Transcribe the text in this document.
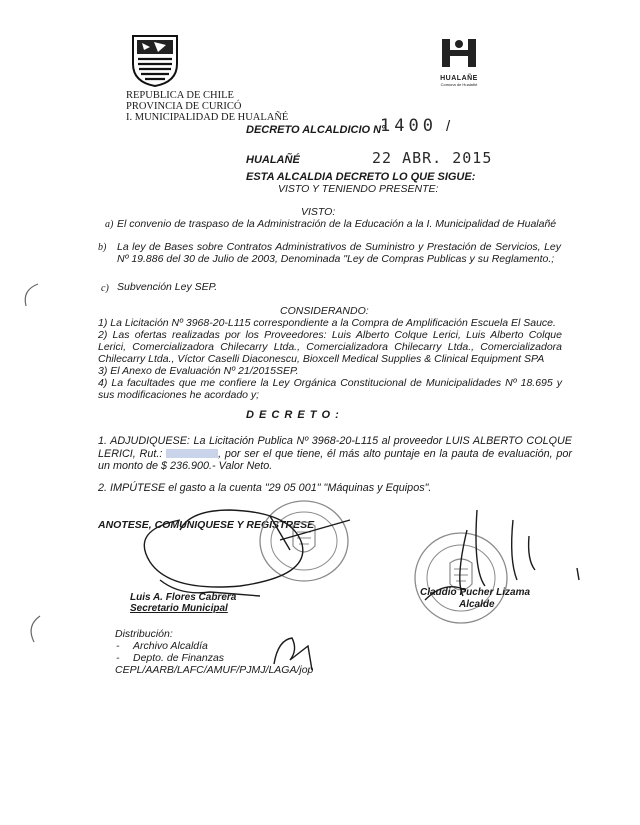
REPUBLICA DE CHILE
PROVINCIA DE CURICÓ
I. MUNICIPALIDAD DE HUALAÑÉ
HUALAÑE
Comuna de Hualañé
DECRETO ALCALDICIO N°
1400 /
HUALAÑÉ	22 ABR. 2015
ESTA ALCALDIA DECRETO LO QUE SIGUE:
VISTO Y TENIENDO PRESENTE:
VISTO:
a) El convenio de traspaso de la Administración de la Educación a la I. Municipalidad de Hualañé
b) La ley de Bases sobre Contratos Administrativos de Suministro y Prestación de Servicios, Ley Nº 19.886 del 30 de Julio de 2003, Denominada "Ley de Compras Publicas y su Reglamento.;
c) Subvención Ley SEP.
CONSIDERANDO:
1) La Licitación Nº 3968-20-L115 correspondiente a la Compra de Amplificación Escuela El Sauce.
2) Las ofertas realizadas por los Proveedores: Luis Alberto Colque Lerici, Luis Alberto Colque Lerici, Comercializadora Chilecarry Ltda., Comercializadora Chilecarry Ltda., Comercializadora Chilecarry Ltda., Víctor Caselli Diaconescu, Bioxcell Medical Supplies & Clinical Equipment SPA
3) El Anexo de Evaluación Nº 21/2015SEP.
4) La facultades que me confiere la Ley Orgánica Constitucional de Municipalidades Nº 18.695 y sus modificaciones he acordado y;
D E C R E T O :
1. ADJUDIQUESE: La Licitación Publica Nº 3968-20-L115 al proveedor LUIS ALBERTO COLQUE LERICI, Rut.:	, por ser el que tiene, él más alto puntaje en la pauta de evaluación, por un monto de $ 236.900.- Valor Neto.
2. IMPÚTESE el gasto a la cuenta "29 05 001" "Máquinas y Equipos".
ANOTESE, COMUNIQUESE Y REGISTRESE
Luis A. Flores Cabrera
Secretario Municipal
Claudio Pucher Lizama
Alcalde
Distribución:
- Archivo Alcaldía
- Depto. de Finanzas
CEPL/AARB/LAFC/AMUF/PJMJ/LAGA/jop
